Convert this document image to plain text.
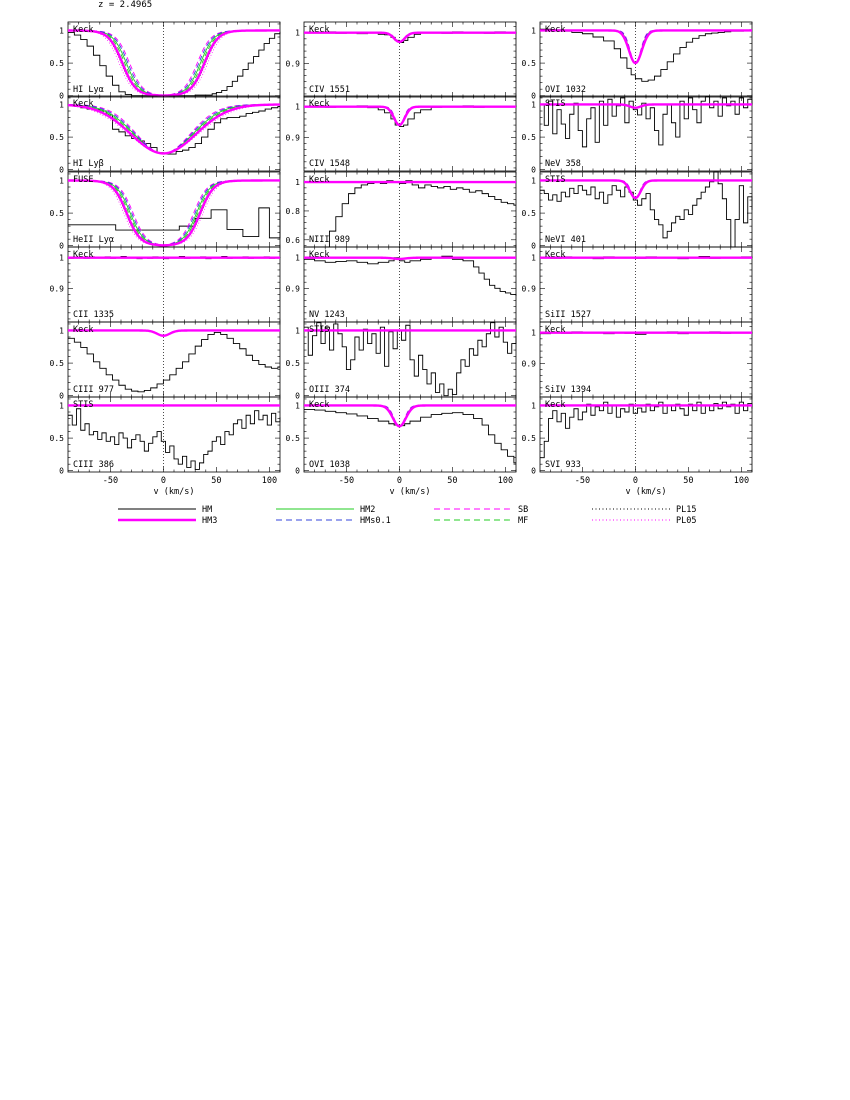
z = 2.4965
0
0.5
1 Keck
HI Lyα
0
0.5
1 Keck
HI Lyβ
0
0.5
1 FUSE
HeII Lyα
0.9
1 Keck
CII 1335
0
0.5
1 Keck
CIII 977
0
0.5
1 STIS
CIII 386
0.9
1 Keck
CIV 1551
0.9
1 Keck
CIV 1548
0.6
0.8
1 Keck
NIII 989
0.9
1 Keck
NV 1243
0
0.5
1 STIS
OIII 374
0
0.5
1 Keck
OVI 1038
0
0.5
1 Keck
OVI 1032
0
0.5
1 STIS
NeV 358
0
0.5
1 STIS
NeVI 401
0.9
1 Keck
SiII 1527
0.9
1 Keck
SiIV 1394
0
0.5
1 Keck
SVI 933
-50	0	50	100
v (km/s)
-50	0	50	100
v (km/s)
-50	0	50	100
v (km/s)
HM	HM2	SB	PL15
HM3	HMs0.1	MF	PL05
